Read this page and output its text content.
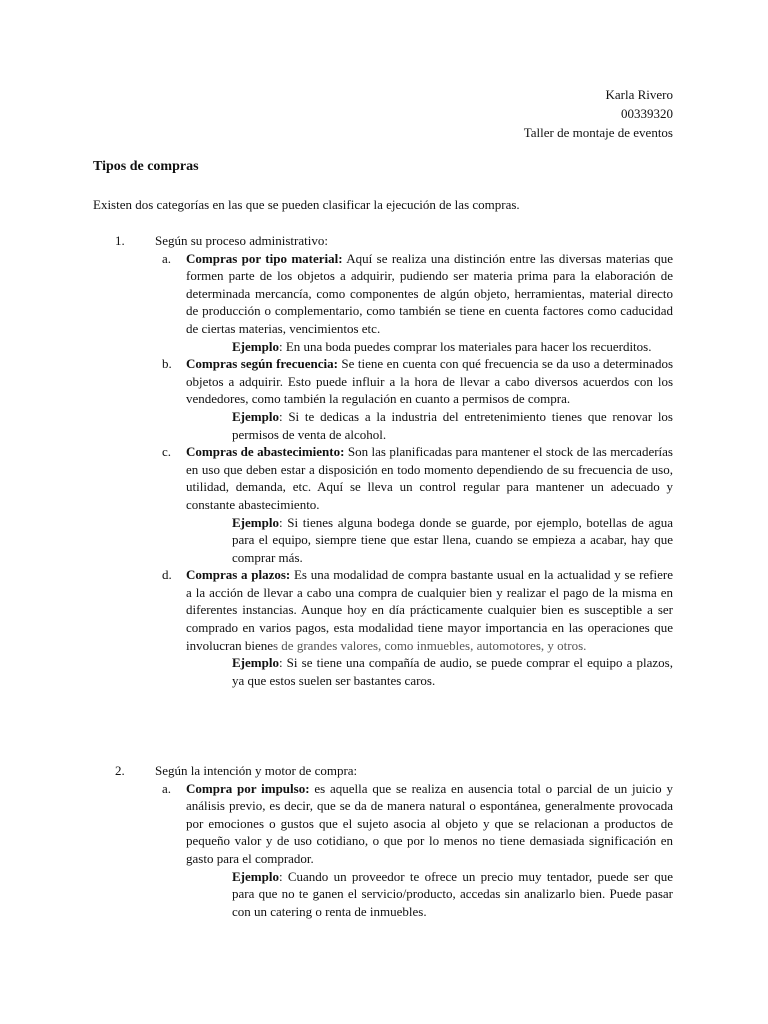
Karla Rivero
00339320
Taller de montaje de eventos
Tipos de compras
Existen dos categorías en las que se pueden clasificar la ejecución de las compras.
1.	Según su proceso administrativo:
a. Compras por tipo material: Aquí se realiza una distinción entre las diversas materias que formen parte de los objetos a adquirir, pudiendo ser materia prima para la elaboración de determinada mercancía, como componentes de algún objeto, herramientas, material directo de producción o complementario, como también se tiene en cuenta factores como caducidad de ciertas materias, vencimientos etc.
Ejemplo: En una boda puedes comprar los materiales para hacer los recuerditos.
b. Compras según frecuencia: Se tiene en cuenta con qué frecuencia se da uso a determinados objetos a adquirir. Esto puede influir a la hora de llevar a cabo diversos acuerdos con los vendedores, como también la regulación en cuanto a permisos de compra.
Ejemplo: Si te dedicas a la industria del entretenimiento tienes que renovar los permisos de venta de alcohol.
c. Compras de abastecimiento: Son las planificadas para mantener el stock de las mercaderías en uso que deben estar a disposición en todo momento dependiendo de su frecuencia de uso, utilidad, demanda, etc. Aquí se lleva un control regular para mantener un adecuado y constante abastecimiento.
Ejemplo: Si tienes alguna bodega donde se guarde, por ejemplo, botellas de agua para el equipo, siempre tiene que estar llena, cuando se empieza a acabar, hay que comprar más.
d. Compras a plazos: Es una modalidad de compra bastante usual en la actualidad y se refiere a la acción de llevar a cabo una compra de cualquier bien y realizar el pago de la misma en diferentes instancias. Aunque hoy en día prácticamente cualquier bien es susceptible a ser comprado en varios pagos, esta modalidad tiene mayor importancia en las operaciones que involucran bienes de grandes valores, como inmuebles, automotores, y otros.
Ejemplo: Si se tiene una compañía de audio, se puede comprar el equipo a plazos, ya que estos suelen ser bastantes caros.
2.	Según la intención y motor de compra:
a. Compra por impulso: es aquella que se realiza en ausencia total o parcial de un juicio y análisis previo, es decir, que se da de manera natural o espontánea, generalmente provocada por emociones o gustos que el sujeto asocia al objeto y que se relacionan a productos de pequeño valor y de uso cotidiano, o que por lo menos no tiene demasiada significación en gasto para el comprador.
Ejemplo: Cuando un proveedor te ofrece un precio muy tentador, puede ser que para que no te ganen el servicio/producto, accedas sin analizarlo bien. Puede pasar con un catering o renta de inmuebles.
